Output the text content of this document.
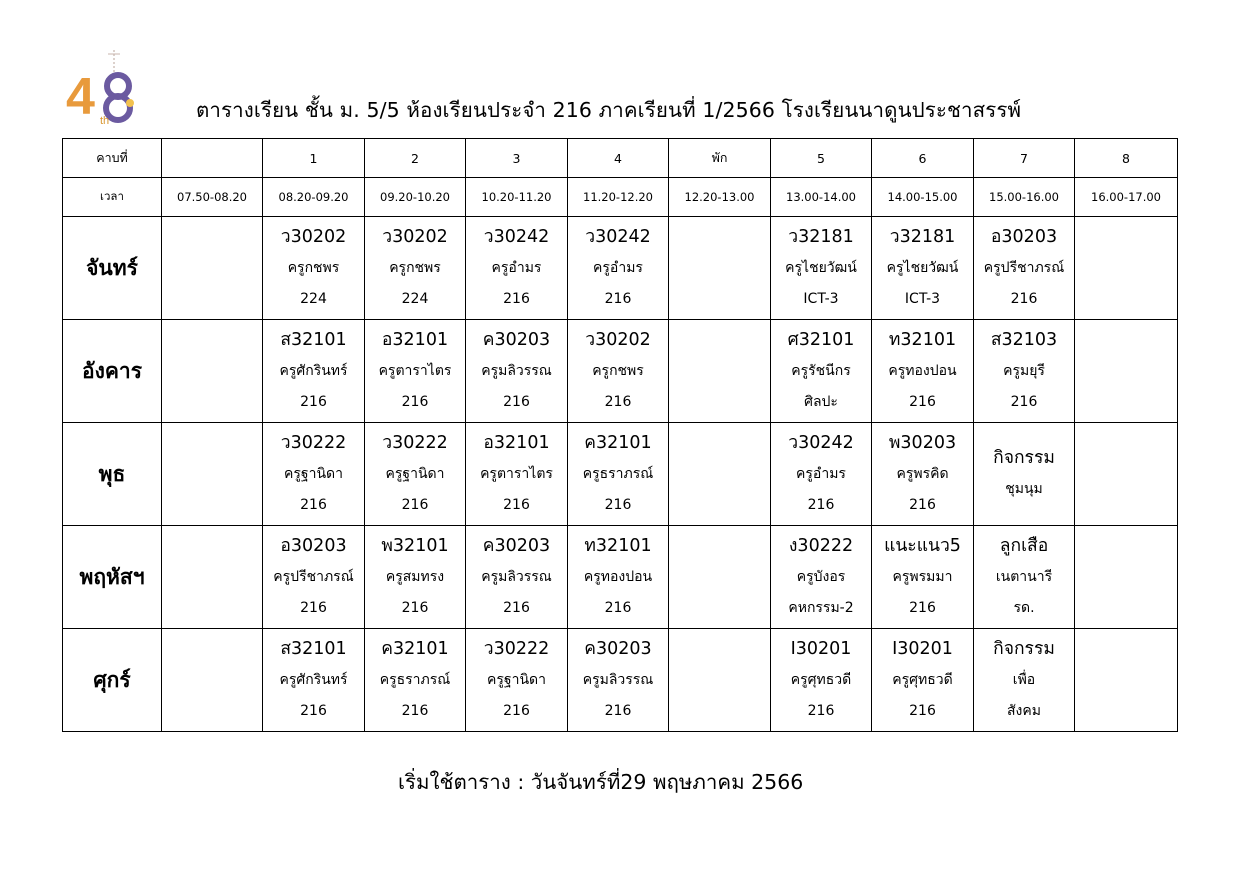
4 th	ตารางเรียน ชั้น ม. 5/5 ห้องเรียนประจำ 216 ภาคเรียนที่ 1/2566 โรงเรียนนาดูนประชาสรรพ์
คาบที่		1	2	3	4	พัก	5	6	7	8
เวลา	07.50-08.20	08.20-09.20	09.20-10.20	10.20-11.20	11.20-12.20	12.20-13.00	13.00-14.00	14.00-15.00	15.00-16.00	16.00-17.00
จันทร์		ว30202
ครูกชพร
224	ว30202
ครูกชพร
224	ว30242
ครูอำมร
216	ว30242
ครูอำมร
216		ว32181
ครูไชยวัฒน์
ICT-3	ว32181
ครูไชยวัฒน์
ICT-3	อ30203
ครูปรีชาภรณ์
216	

อังคาร		ส32101
ครูศักรินทร์
216	อ32101
ครูตาราไตร
216	ค30203
ครูมลิวรรณ
216	ว30202
ครูกชพร
216		ศ32101
ครูรัชนีกร
ศิลปะ	ท32101
ครูทองปอน
216	ส32103
ครูมยุรี
216	

พุธ		ว30222
ครูฐานิดา
216	ว30222
ครูฐานิดา
216	อ32101
ครูตาราไตร
216	ค32101
ครูธราภรณ์
216		ว30242
ครูอำมร
216	พ30203
ครูพรคิด
216	กิจกรรม
ชุมนุม	

พฤหัสฯ		อ30203
ครูปรีชาภรณ์
216	พ32101
ครูสมทรง
216	ค30203
ครูมลิวรรณ
216	ท32101
ครูทองปอน
216		ง30222
ครูบังอร
คหกรรม-2	แนะแนว5
ครูพรมมา
216	ลูกเสือ
เนตานารี
รด.	

ศุกร์		ส32101
ครูศักรินทร์
216	ค32101
ครูธราภรณ์
216	ว30222
ครูฐานิดา
216	ค30203
ครูมลิวรรณ
216		I30201
ครูศุทธวดี
216	I30201
ครูศุทธวดี
216	กิจกรรม
เพื่อ
สังคม	

เริ่มใช้ตาราง : วันจันทร์ที่29 พฤษภาคม 2566
